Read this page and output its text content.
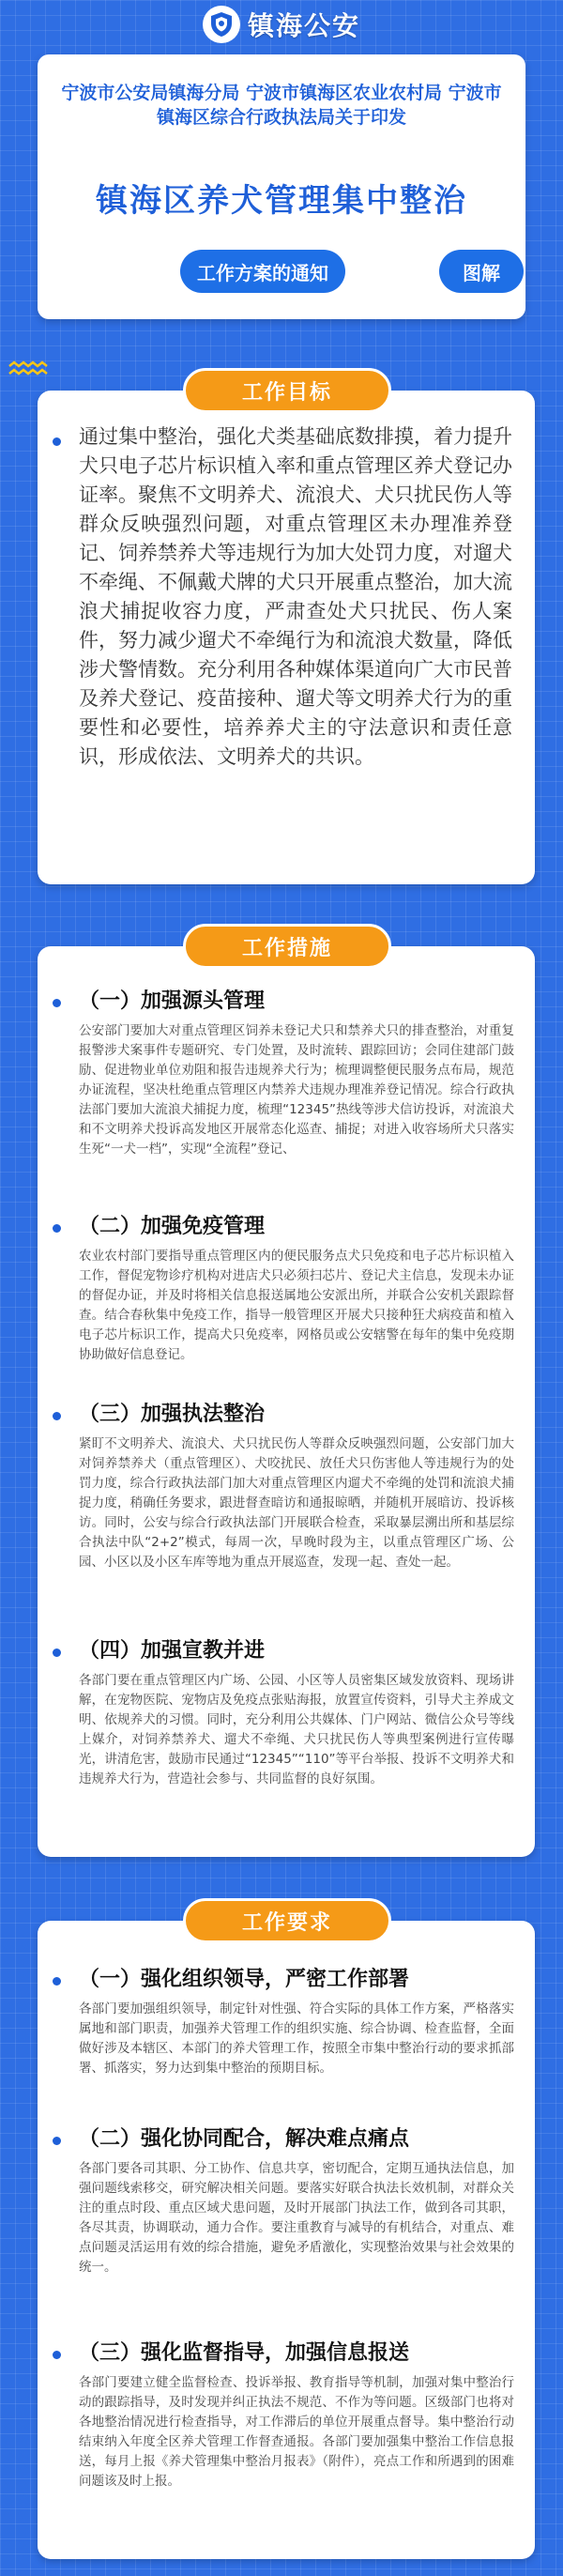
镇海公安
宁波市公安局镇海分局 宁波市镇海区农业农村局 宁波市镇海区综合行政执法局关于印发
镇海区养犬管理集中整治
工作方案的通知	图解
工作目标
通过集中整治，强化犬类基础底数排摸，着力提升犬只电子芯片标识植入率和重点管理区养犬登记办证率。聚焦不文明养犬、流浪犬、犬只扰民伤人等群众反映强烈问题，对重点管理区未办理准养登记、饲养禁养犬等违规行为加大处罚力度，对遛犬不牵绳、不佩戴犬牌的犬只开展重点整治，加大流浪犬捕捉收容力度，严肃查处犬只扰民、伤人案件，努力减少遛犬不牵绳行为和流浪犬数量，降低涉犬警情数。充分利用各种媒体渠道向广大市民普及养犬登记、疫苗接种、遛犬等文明养犬行为的重要性和必要性，培养养犬主的守法意识和责任意识，形成依法、文明养犬的共识。
工作措施
（一）加强源头管理
公安部门要加大对重点管理区饲养未登记犬只和禁养犬只的排查整治，对重复报警涉犬案事件专题研究、专门处置，及时流转、跟踪回访；会同住建部门鼓励、促进物业单位劝阻和报告违规养犬行为；梳理调整便民服务点布局，规范办证流程，坚决杜绝重点管理区内禁养犬违规办理准养登记情况。综合行政执法部门要加大流浪犬捕捉力度，梳理“12345”热线等涉犬信访投诉，对流浪犬和不文明养犬投诉高发地区开展常态化巡查、捕捉；对进入收容场所犬只落实生死“一犬一档”，实现“全流程”登记、
（二）加强免疫管理
农业农村部门要指导重点管理区内的便民服务点犬只免疫和电子芯片标识植入工作，督促宠物诊疗机构对进店犬只必须扫芯片、登记犬主信息，发现未办证的督促办证，并及时将相关信息报送属地公安派出所，并联合公安机关跟踪督查。结合春秋集中免疫工作，指导一般管理区开展犬只接种狂犬病疫苗和植入电子芯片标识工作，提高犬只免疫率，网格员或公安辖警在每年的集中免疫期协助做好信息登记。
（三）加强执法整治
紧盯不文明养犬、流浪犬、犬只扰民伤人等群众反映强烈问题，公安部门加大对饲养禁养犬（重点管理区）、犬咬扰民、放任犬只伤害他人等违规行为的处罚力度，综合行政执法部门加大对重点管理区内遛犬不牵绳的处罚和流浪犬捕捉力度，稍确任务要求，跟进督查暗访和通报晾晒，并随机开展暗访、投诉核访。同时，公安与综合行政执法部门开展联合检查，采取暴层溯出所和基层综合执法中队“2+2”模式，每周一次，早晚时段为主，以重点管理区广场、公园、小区以及小区车库等地为重点开展巡查，发现一起、查处一起。
（四）加强宣教并进
各部门要在重点管理区内广场、公园、小区等人员密集区域发放资料、现场讲解，在宠物医院、宠物店及免疫点张贴海报，放置宣传资料，引导犬主养成文明、依规养犬的习惯。同时，充分利用公共媒体、门户网站、微信公众号等线上媒介，对饲养禁养犬、遛犬不牵绳、犬只扰民伤人等典型案例进行宣传曝光，讲清危害，鼓励市民通过“12345”“110”等平台举报、投诉不文明养犬和违规养犬行为，营造社会参与、共同监督的良好氛围。
工作要求
（一）强化组织领导，严密工作部署
各部门要加强组织领导，制定针对性强、符合实际的具体工作方案，严格落实属地和部门职责，加强养犬管理工作的组织实施、综合协调、检查监督，全面做好涉及本辖区、本部门的养犬管理工作，按照全市集中整治行动的要求抓部署、抓落实，努力达到集中整治的预期目标。
（二）强化协同配合，解决难点痛点
各部门要各司其职、分工协作、信息共享，密切配合，定期互通执法信息，加强问题线索移交，研究解决相关问题。要落实好联合执法长效机制，对群众关注的重点时段、重点区域犬患问题，及时开展部门执法工作，做到各司其职，各尽其责，协调联动，通力合作。要注重教育与减导的有机结合，对重点、难点问题灵活运用有效的综合措施，避免矛盾激化，实现整治效果与社会效果的统一。
（三）强化监督指导，加强信息报送
各部门要建立健全监督检查、投诉举报、教育指导等机制，加强对集中整治行动的跟踪指导，及时发现并纠正执法不规范、不作为等问题。区级部门也将对各地整治情况进行检查指导，对工作滞后的单位开展重点督导。集中整治行动结束纳入年度全区养犬管理工作督查通报。各部门要加强集中整治工作信息报送，每月上报《养犬管理集中整治月报表》（附件），亮点工作和所遇到的困难问题该及时上报。
